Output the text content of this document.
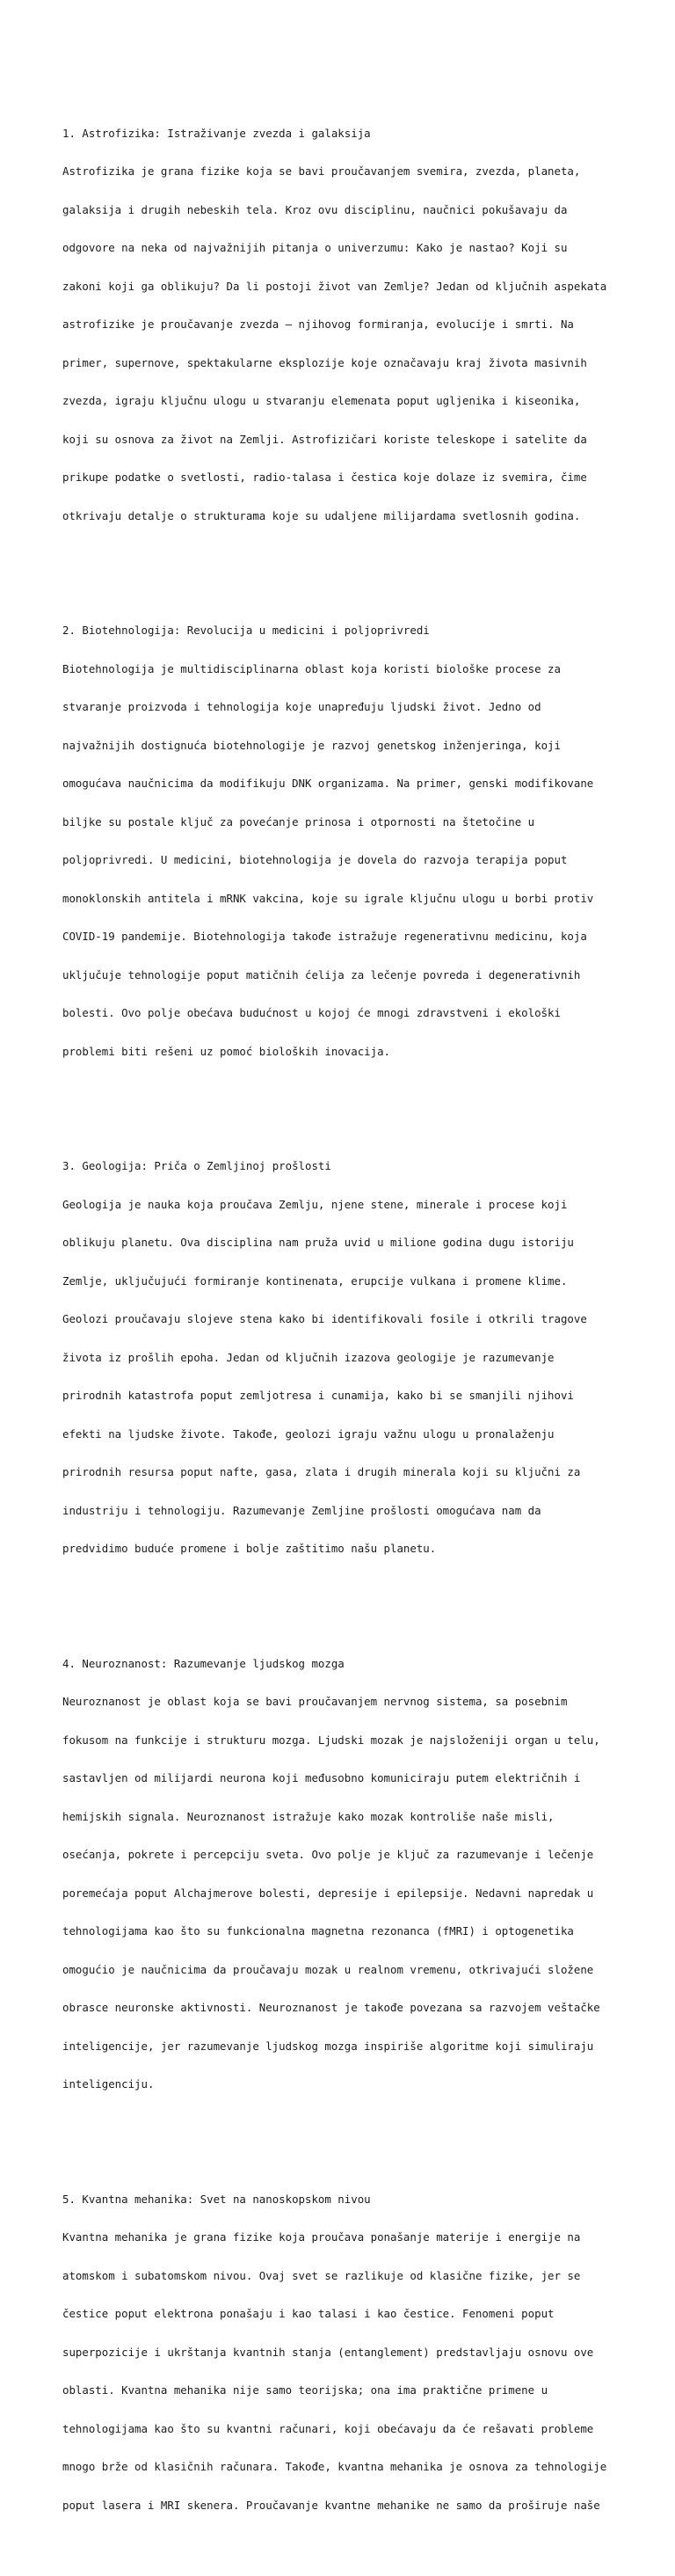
1. Astrofizika: Istraživanje zvezda i galaksija

Astrofizika je grana fizike koja se bavi proučavanjem svemira, zvezda, planeta,

galaksija i drugih nebeskih tela. Kroz ovu disciplinu, naučnici pokušavaju da

odgovore na neka od najvažnijih pitanja o univerzumu: Kako je nastao? Koji su

zakoni koji ga oblikuju? Da li postoji život van Zemlje? Jedan od ključnih aspekata

astrofizike je proučavanje zvezda – njihovog formiranja, evolucije i smrti. Na

primer, supernove, spektakularne eksplozije koje označavaju kraj života masivnih

zvezda, igraju ključnu ulogu u stvaranju elemenata poput ugljenika i kiseonika,

koji su osnova za život na Zemlji. Astrofizičari koriste teleskope i satelite da

prikupe podatke o svetlosti, radio-talasa i čestica koje dolaze iz svemira, čime

otkrivaju detalje o strukturama koje su udaljene milijardama svetlosnih godina.

2. Biotehnologija: Revolucija u medicini i poljoprivredi

Biotehnologija je multidisciplinarna oblast koja koristi biološke procese za

stvaranje proizvoda i tehnologija koje unapređuju ljudski život. Jedno od

najvažnijih dostignuća biotehnologije je razvoj genetskog inženjeringa, koji

omogućava naučnicima da modifikuju DNK organizama. Na primer, genski modifikovane

biljke su postale ključ za povećanje prinosa i otpornosti na štetočine u

poljoprivredi. U medicini, biotehnologija je dovela do razvoja terapija poput

monoklonskih antitela i mRNK vakcina, koje su igrale ključnu ulogu u borbi protiv

COVID-19 pandemije. Biotehnologija takođe istražuje regenerativnu medicinu, koja

uključuje tehnologije poput matičnih ćelija za lečenje povreda i degenerativnih

bolesti. Ovo polje obećava budućnost u kojoj će mnogi zdravstveni i ekološki

problemi biti rešeni uz pomoć bioloških inovacija.

3. Geologija: Priča o Zemljinoj prošlosti

Geologija je nauka koja proučava Zemlju, njene stene, minerale i procese koji

oblikuju planetu. Ova disciplina nam pruža uvid u milione godina dugu istoriju

Zemlje, uključujući formiranje kontinenata, erupcije vulkana i promene klime.

Geolozi proučavaju slojeve stena kako bi identifikovali fosile i otkrili tragove

života iz prošlih epoha. Jedan od ključnih izazova geologije je razumevanje

prirodnih katastrofa poput zemljotresa i cunamija, kako bi se smanjili njihovi

efekti na ljudske živote. Takođe, geolozi igraju važnu ulogu u pronalaženju

prirodnih resursa poput nafte, gasa, zlata i drugih minerala koji su ključni za

industriju i tehnologiju. Razumevanje Zemljine prošlosti omogućava nam da

predvidimo buduće promene i bolje zaštitimo našu planetu.

4. Neuroznanost: Razumevanje ljudskog mozga

Neuroznanost je oblast koja se bavi proučavanjem nervnog sistema, sa posebnim

fokusom na funkcije i strukturu mozga. Ljudski mozak je najsloženiji organ u telu,

sastavljen od milijardi neurona koji međusobno komuniciraju putem električnih i

hemijskih signala. Neuroznanost istražuje kako mozak kontroliše naše misli,

osećanja, pokrete i percepciju sveta. Ovo polje je ključ za razumevanje i lečenje

poremećaja poput Alchajmerove bolesti, depresije i epilepsije. Nedavni napredak u

tehnologijama kao što su funkcionalna magnetna rezonanca (fMRI) i optogenetika

omogućio je naučnicima da proučavaju mozak u realnom vremenu, otkrivajući složene

obrasce neuronske aktivnosti. Neuroznanost je takođe povezana sa razvojem veštačke

inteligencije, jer razumevanje ljudskog mozga inspiriše algoritme koji simuliraju

inteligenciju.

5. Kvantna mehanika: Svet na nanoskopskom nivou

Kvantna mehanika je grana fizike koja proučava ponašanje materije i energije na

atomskom i subatomskom nivou. Ovaj svet se razlikuje od klasične fizike, jer se

čestice poput elektrona ponašaju i kao talasi i kao čestice. Fenomeni poput

superpozicije i ukrštanja kvantnih stanja (entanglement) predstavljaju osnovu ove

oblasti. Kvantna mehanika nije samo teorijska; ona ima praktične primene u

tehnologijama kao što su kvantni računari, koji obećavaju da će rešavati probleme

mnogo brže od klasičnih računara. Takođe, kvantna mehanika je osnova za tehnologije

poput lasera i MRI skenera. Proučavanje kvantne mehanike ne samo da proširuje naše
